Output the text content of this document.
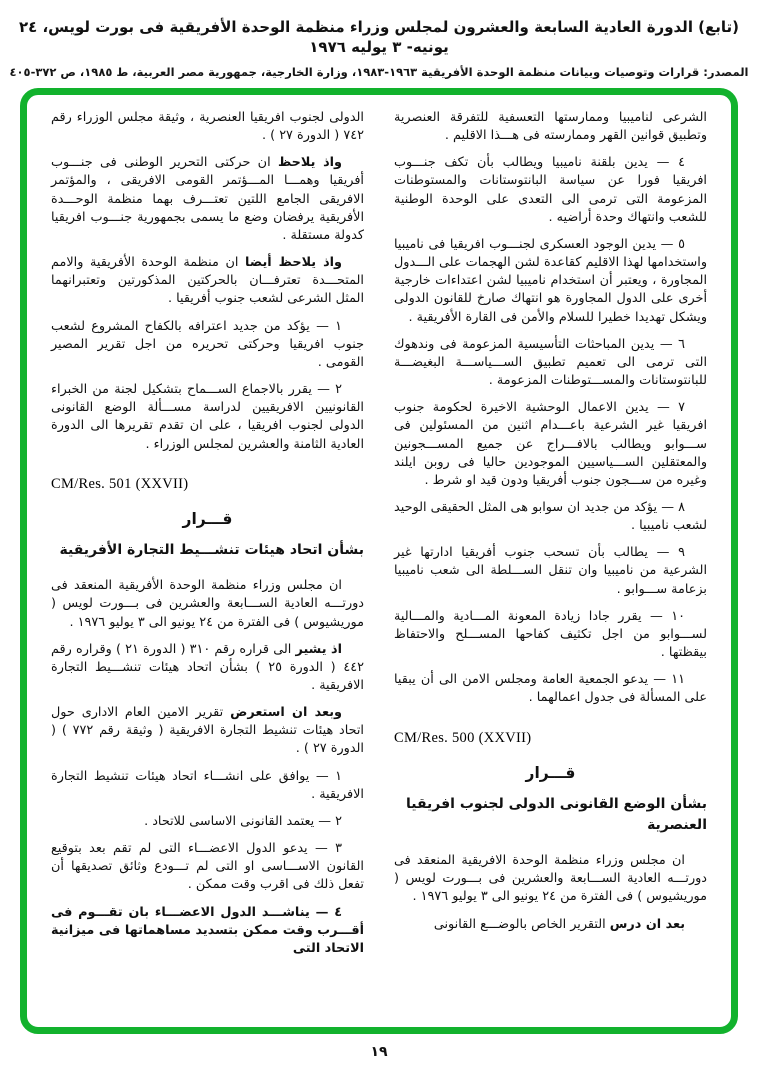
(تابع) الدورة العادية السابعة والعشرون لمجلس وزراء منظمة الوحدة الأفريقية فى بورت لويس، ٢٤ يونيه- ٣ يوليه ١٩٧٦
المصدر: قرارات وتوصيات وبيانات منظمة الوحدة الأفريقية ١٩٦٣-١٩٨٣، وزارة الخارجية، جمهورية مصر العربية، ط ١٩٨٥، ص ٣٧٢-٤٠٥

الشرعى لناميبيا وممارستها التعسفية للتفرقة العنصرية وتطبيق قوانين القهر وممارسته فى هـــذا الاقليم .

٤ — يدين بلقنة ناميبيا ويطالب بأن تكف جنـــوب افريقيا فورا عن سياسة البانتوستانات والمستوطنات المزعومة التى ترمى الى التعدى على الوحدة الوطنية للشعب وانتهاك وحدة أراضيه .

٥ — يدين الوجود العسكرى لجنـــوب افريقيا فى ناميبيا واستخدامها لهذا الاقليم كقاعدة لشن الهجمات على الـــدول المجاورة ، ويعتبر أن استخدام ناميبيا لشن اعتداءات خارجية أخرى على الدول المجاورة هو انتهاك صارخ للقانون الدولى ويشكل تهديدا خطيرا للسلام والأمن فى القارة الأفريقية .

٦ — يدين المباحثات التأسيسية المزعومة فى وندهوك التى ترمى الى تعميم تطبيق الســـياســـة البغيضـــة للبانتوستانات والمســـتوطنات المزعومة .

٧ — يدين الاعمال الوحشية الاخيرة لحكومة جنوب افريقيا غير الشرعية باعـــدام اثنين من المسئولين فى ســـوابو ويطالب بالافـــراج عن جميع المســـجونين والمعتقلين الســـياسيين الموجودين حاليا فى روبن ايلند وغيره من ســـجون جنوب أفريقيا ودون قيد او شرط .

٨ — يؤكد من جديد ان سوابو هى المثل الحقيقى الوحيد لشعب ناميبيا .

٩ — يطالب بأن تسحب جنوب أفريقيا ادارتها غير الشرعية من ناميبيا وان تنقل الســـلطة الى شعب ناميبيا بزعامة ســـوابو .

١٠ — يقرر جادا زيادة المعونة المـــادية والمـــالية لســـوابو من اجل تكثيف كفاحها المســـلح والاحتفاظ بيقظتها .

١١ — يدعو الجمعية العامة ومجلس الامن الى أن يبقيا على المسألة فى جدول اعمالهما .

CM/Res. 500 (XXVII)
قـــرار
بشأن الوضع القانونى الدولى لجنوب افريقيا العنصرية

ان مجلس وزراء منظمة الوحدة الافريقية المنعقد فى دورتـــه العادية الســـابعة والعشرين فى بـــورت لويس ( موريشيوس ) فى الفترة من ٢٤ يونيو الى ٣ يوليو ١٩٧٦ .

بعد ان درس التقرير الخاص بالوضـــع القانونى

الدولى لجنوب افريقيا العنصرية ، وثيقة مجلس الوزراء رقم ٧٤٢ ( الدورة ٢٧ ) .

واذ يلاحظ ان حركتى التحرير الوطنى فى جنـــوب أفريقيا وهمـــا المـــؤتمر القومى الافريقى ، والمؤتمر الافريقى الجامع اللتين تعتـــرف بهما منظمة الوحـــدة الأفريقية يرفضان وضع ما يسمى بجمهورية جنـــوب افريقيا كدولة مستقلة .

واذ يلاحظ أيضا ان منظمة الوحدة الأفريقية والامم المتحـــدة تعترفـــان بالحركتين المذكورتين وتعتبرانهما المثل الشرعى لشعب جنوب أفريقيا .

١ — يؤكد من جديد اعترافه بالكفاح المشروع لشعب جنوب افريقيا وحركتى تحريره من اجل تقرير المصير القومى .

٢ — يقرر بالاجماع الســـماح بتشكيل لجنة من الخبراء القانونيين الافريقيين لدراسة مســـألة الوضع القانونى الدولى لجنوب افريقيا ، على ان تقدم تقريرها الى الدورة العادية الثامنة والعشرين لمجلس الوزراء .

CM/Res. 501 (XXVII)
قـــرار
بشأن اتحاد هيئات تنشـــيط التجارة الأفريقية

ان مجلس وزراء منظمة الوحدة الأفريقية المنعقد فى دورتـــه العادية الســـابعة والعشرين فى بـــورت لويس ( موريشيوس ) فى الفترة من ٢٤ يونيو الى ٣ يوليو ١٩٧٦ .

اذ يشير الى قراره رقم ٣١٠ ( الدورة ٢١ ) وقراره رقم ٤٤٢ ( الدورة ٢٥ ) بشأن اتحاد هيئات تنشـــيط التجارة الافريقية .

وبعد ان استعرض تقرير الامين العام الادارى حول اتحاد هيئات تنشيط التجارة الافريقية ( وثيقة رقم ٧٧٢ ) ( الدورة ٢٧ ) .

١ — يوافق على انشـــاء اتحاد هيئات تنشيط التجارة الافريقية .

٢ — يعتمد القانونى الاساسى للاتحاد .

٣ — يدعو الدول الاعضـــاء التى لم تقم بعد بتوقيع القانون الاســـاسى او التى لم تـــودع وثائق تصديقها أن تفعل ذلك فى اقرب وقت ممكن .

٤ — يناشـــد الدول الاعضـــاء بان تقـــوم فى أقـــرب وقت ممكن بتسديد مساهماتها فى ميزانية الاتحاد التى

١٩
